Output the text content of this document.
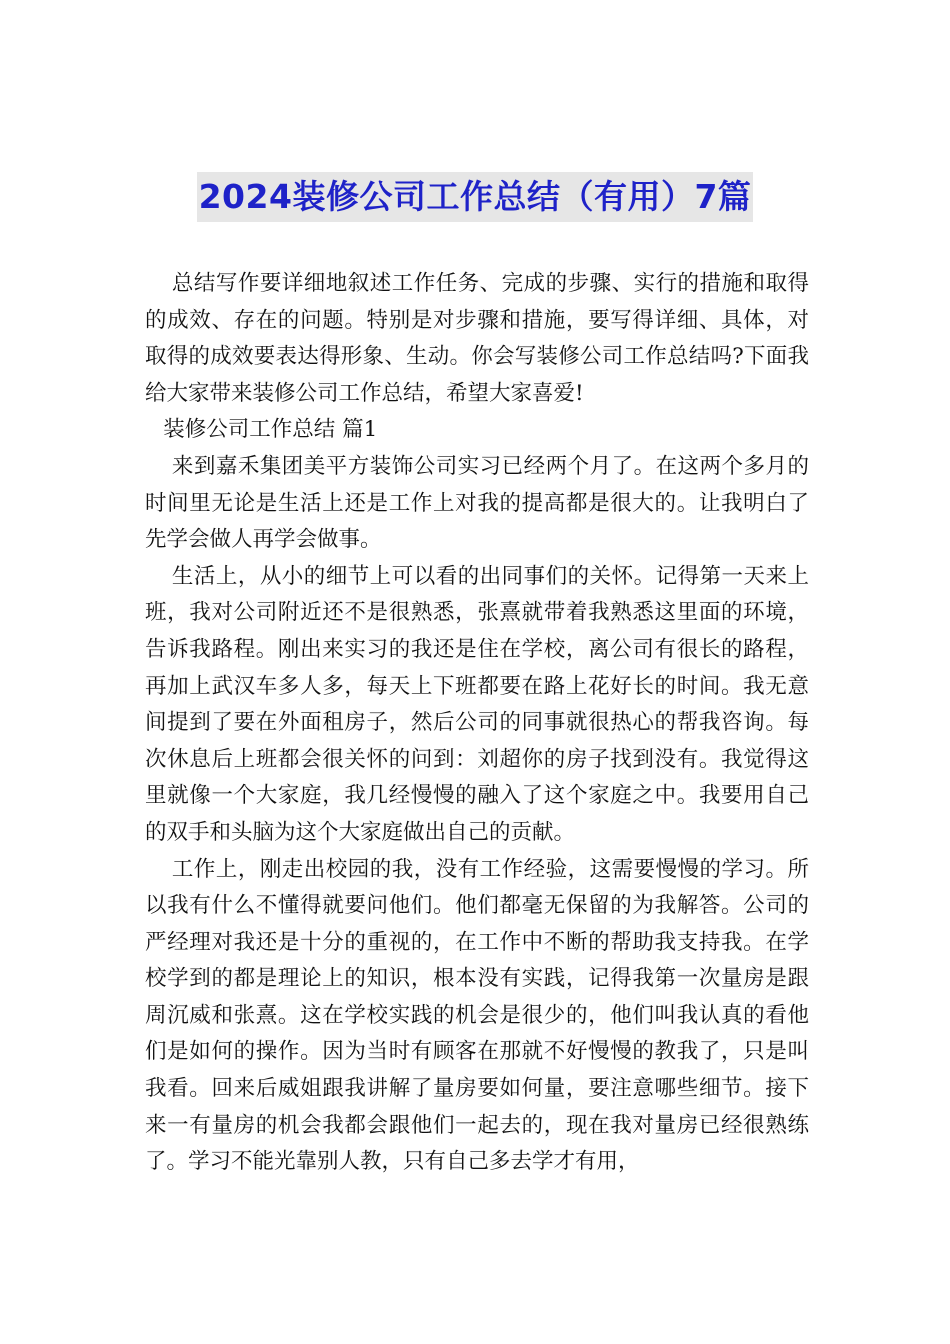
2024装修公司工作总结（有用）7篇

总结写作要详细地叙述工作任务、完成的步骤、实行的措施和取得的成效、存在的问题。特别是对步骤和措施，要写得详细、具体，对取得的成效要表达得形象、生动。你会写装修公司工作总结吗?下面我给大家带来装修公司工作总结，希望大家喜爱!

装修公司工作总结 篇1

来到嘉禾集团美平方装饰公司实习已经两个月了。在这两个多月的时间里无论是生活上还是工作上对我的提高都是很大的。让我明白了先学会做人再学会做事。

生活上，从小的细节上可以看的出同事们的关怀。记得第一天来上班，我对公司附近还不是很熟悉，张熹就带着我熟悉这里面的环境，告诉我路程。刚出来实习的我还是住在学校，离公司有很长的路程，再加上武汉车多人多，每天上下班都要在路上花好长的时间。我无意间提到了要在外面租房子，然后公司的同事就很热心的帮我咨询。每次休息后上班都会很关怀的问到：刘超你的房子找到没有。我觉得这里就像一个大家庭，我几经慢慢的融入了这个家庭之中。我要用自己的双手和头脑为这个大家庭做出自己的贡献。

工作上，刚走出校园的我，没有工作经验，这需要慢慢的学习。所以我有什么不懂得就要问他们。他们都毫无保留的为我解答。公司的严经理对我还是十分的重视的，在工作中不断的帮助我支持我。在学校学到的都是理论上的知识，根本没有实践，记得我第一次量房是跟周沉威和张熹。这在学校实践的机会是很少的，他们叫我认真的看他们是如何的操作。因为当时有顾客在那就不好慢慢的教我了，只是叫我看。回来后威姐跟我讲解了量房要如何量，要注意哪些细节。接下来一有量房的机会我都会跟他们一起去的，现在我对量房已经很熟练了。学习不能光靠别人教，只有自己多去学才有用，
